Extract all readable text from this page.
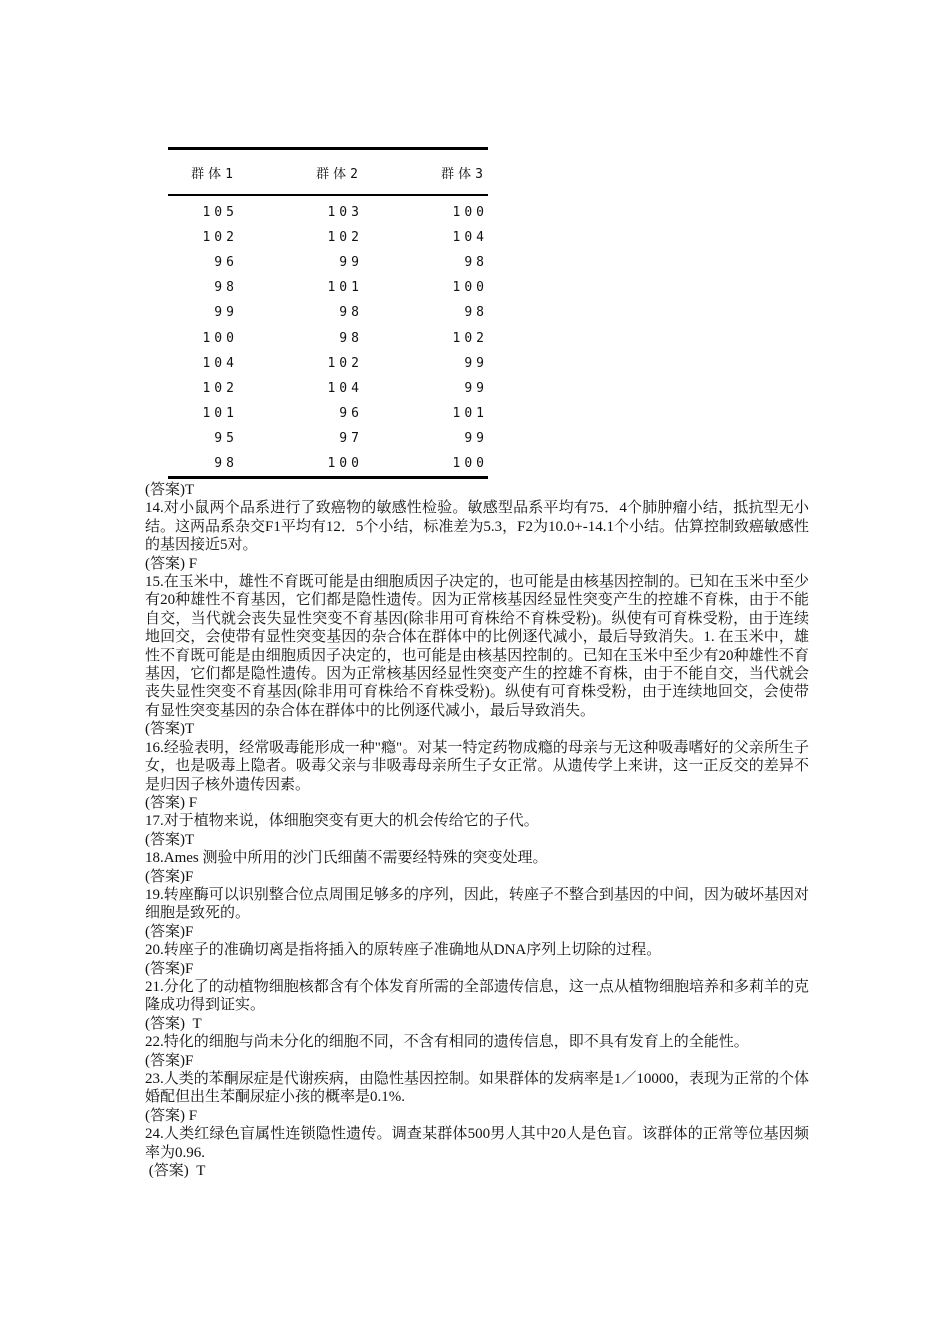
群体1	群体2	群体3
105	103	100
102	102	104
96	99	98
98	101	100
99	98	98
100	98	102
104	102	99
102	104	99
101	96	101
95	97	99
98	100	100

(答案)T

14.对小鼠两个品系进行了致癌物的敏感性检验。敏感型品系平均有75．4个肺肿瘤小结，抵抗型无小结。这两品系杂交F1平均有12．5个小结，标准差为5.3，F2为10.0+-14.1个小结。估算控制致癌敏感性的基因接近5对。

(答案) F

15.在玉米中，雄性不育既可能是由细胞质因子决定的，也可能是由核基因控制的。已知在玉米中至少有20种雄性不育基因，它们都是隐性遗传。因为正常核基因经显性突变产生的控雄不育株，由于不能自交，当代就会丧失显性突变不育基因(除非用可育株给不育株受粉)。纵使有可育株受粉，由于连续地回交，会使带有显性突变基因的杂合体在群体中的比例逐代减小，最后导致消失。1. 在玉米中，雄性不育既可能是由细胞质因子决定的，也可能是由核基因控制的。已知在玉米中至少有20种雄性不育基因，它们都是隐性遗传。因为正常核基因经显性突变产生的控雄不育株，由于不能自交，当代就会丧失显性突变不育基因(除非用可育株给不育株受粉)。纵使有可育株受粉，由于连续地回交，会使带有显性突变基因的杂合体在群体中的比例逐代减小，最后导致消失。

(答案)T

16.经验表明，经常吸毒能形成一种"瘾"。对某一特定药物成瘾的母亲与无这种吸毒嗜好的父亲所生子女，也是吸毒上隐者。吸毒父亲与非吸毒母亲所生子女正常。从遗传学上来讲，这一正反交的差异不是归因子核外遗传因素。

(答案) F

17.对于植物来说，体细胞突变有更大的机会传给它的子代。

(答案)T

18.Ames 测验中所用的沙门氏细菌不需要经特殊的突变处理。

(答案)F

19.转座酶可以识别整合位点周围足够多的序列，因此，转座子不整合到基因的中间，因为破坏基因对细胞是致死的。

(答案)F

20.转座子的准确切离是指将插入的原转座子准确地从DNA序列上切除的过程。

(答案)F

21.分化了的动植物细胞核都含有个体发育所需的全部遗传信息，这一点从植物细胞培养和多莉羊的克隆成功得到证实。

(答案)  T

22.特化的细胞与尚未分化的细胞不同，不含有相同的遗传信息，即不具有发育上的全能性。

(答案)F

23.人类的苯酮尿症是代谢疾病，由隐性基因控制。如果群体的发病率是1／10000，表现为正常的个体婚配但出生苯酮尿症小孩的概率是0.1%.

(答案) F

24.人类红绿色盲属性连锁隐性遗传。调查某群体500男人其中20人是色盲。该群体的正常等位基因频率为0.96.

(答案)  T
